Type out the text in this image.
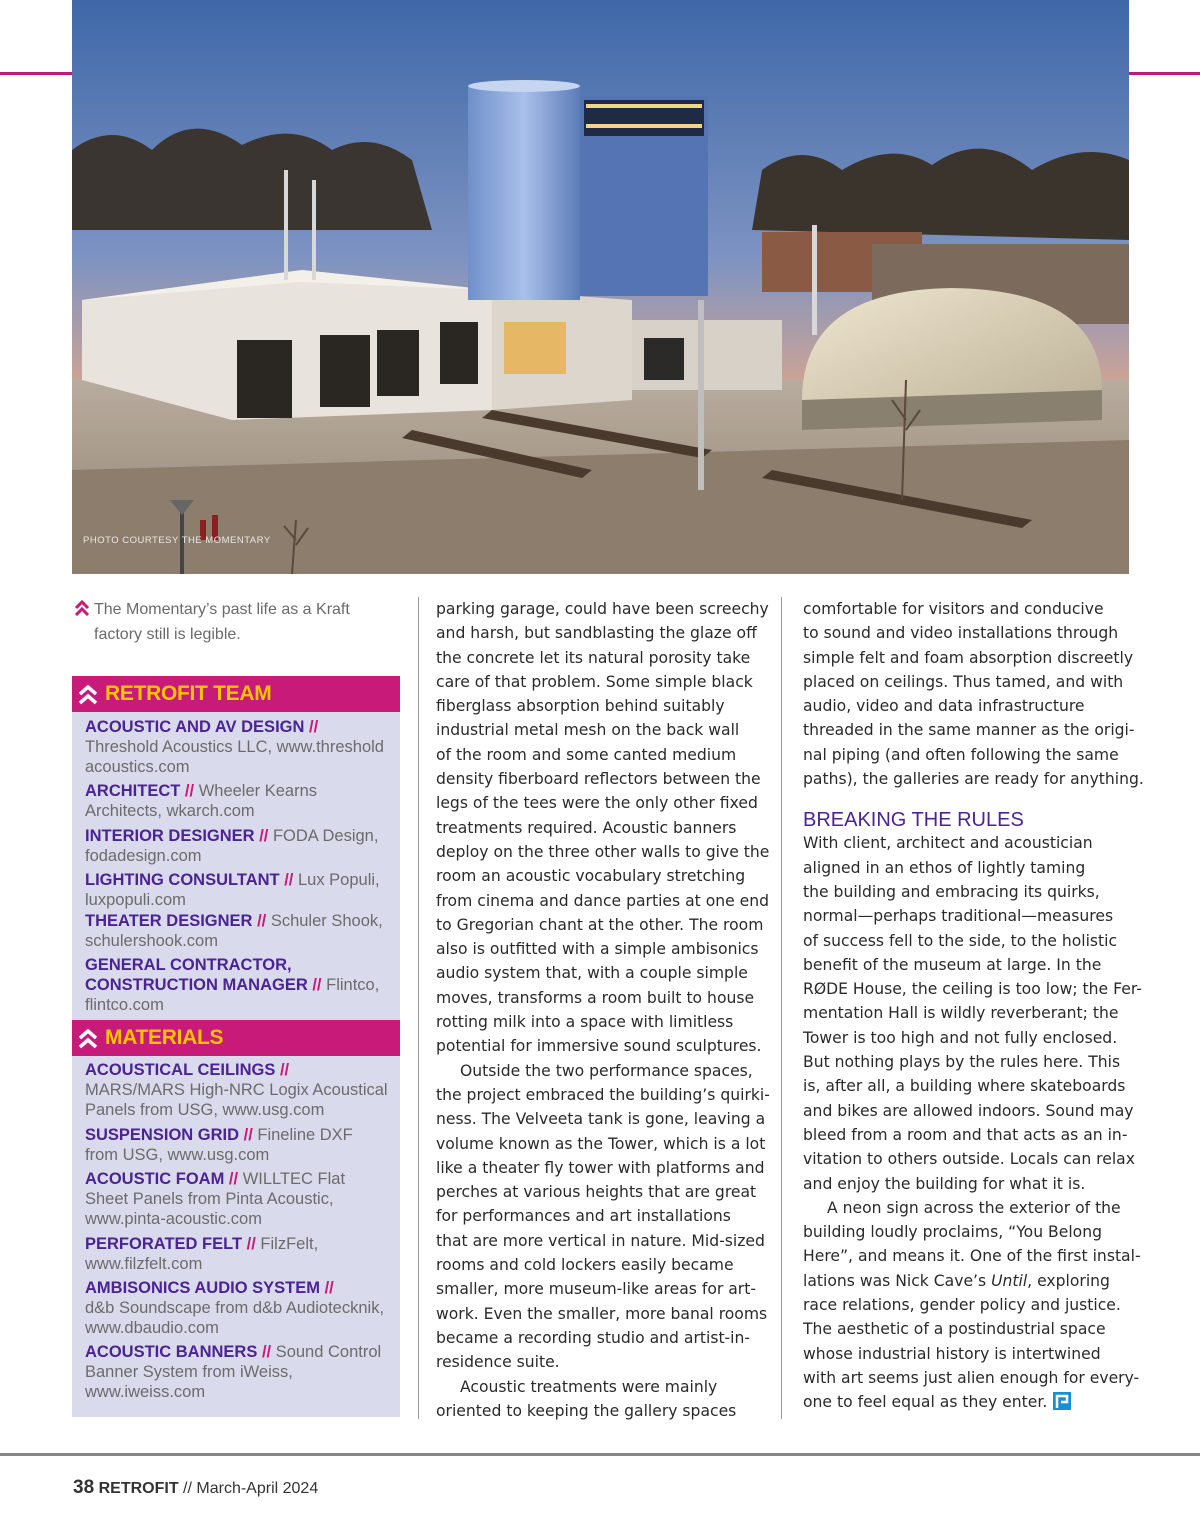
PHOTO COURTESY THE MOMENTARY
The Momentary’s past life as a Kraft factory still is legible.
RETROFIT TEAM
ACOUSTIC AND AV DESIGN //
Threshold Acoustics LLC, www.threshold acoustics.com
ARCHITECT // Wheeler Kearns Architects, wkarch.com
INTERIOR DESIGNER // FODA Design, fodadesign.com
LIGHTING CONSULTANT // Lux Populi, luxpopuli.com
THEATER DESIGNER // Schuler Shook, schulershook.com
GENERAL CONTRACTOR, CONSTRUCTION MANAGER // Flintco, flintco.com
MATERIALS
ACOUSTICAL CEILINGS //
MARS/MARS High-NRC Logix Acoustical Panels from USG, www.usg.com
SUSPENSION GRID // Fineline DXF from USG, www.usg.com
ACOUSTIC FOAM // WILLTEC Flat Sheet Panels from Pinta Acoustic, www.pinta-acoustic.com
PERFORATED FELT // FilzFelt, www.filzfelt.com
AMBISONICS AUDIO SYSTEM //
d&b Soundscape from d&b Audiotecknik, www.dbaudio.com
ACOUSTIC BANNERS // Sound Control Banner System from iWeiss, www.iweiss.com

parking garage, could have been screechy
and harsh, but sandblasting the glaze off
the concrete let its natural porosity take
care of that problem. Some simple black
fiberglass absorption behind suitably
industrial metal mesh on the back wall
of the room and some canted medium
density fiberboard reflectors between the
legs of the tees were the only other fixed
treatments required. Acoustic banners
deploy on the three other walls to give the
room an acoustic vocabulary stretching
from cinema and dance parties at one end
to Gregorian chant at the other. The room
also is outfitted with a simple ambisonics
audio system that, with a couple simple
moves, transforms a room built to house
rotting milk into a space with limitless
potential for immersive sound sculptures.

Outside the two performance spaces,
the project embraced the building’s quirki-
ness. The Velveeta tank is gone, leaving a
volume known as the Tower, which is a lot
like a theater fly tower with platforms and
perches at various heights that are great
for performances and art installations
that are more vertical in nature. Mid-sized
rooms and cold lockers easily became
smaller, more museum-like areas for art-
work. Even the smaller, more banal rooms
became a recording studio and artist-in-
residence suite.

Acoustic treatments were mainly
oriented to keeping the gallery spaces

comfortable for visitors and conducive
to sound and video installations through
simple felt and foam absorption discreetly
placed on ceilings. Thus tamed, and with
audio, video and data infrastructure
threaded in the same manner as the origi-
nal piping (and often following the same
paths), the galleries are ready for anything.

BREAKING THE RULES

With client, architect and acoustician
aligned in an ethos of lightly taming
the building and embracing its quirks,
normal—perhaps traditional—measures
of success fell to the side, to the holistic
benefit of the museum at large. In the
RØDE House, the ceiling is too low; the Fer-
mentation Hall is wildly reverberant; the
Tower is too high and not fully enclosed.
But nothing plays by the rules here. This
is, after all, a building where skateboards
and bikes are allowed indoors. Sound may
bleed from a room and that acts as an in-
vitation to others outside. Locals can relax
and enjoy the building for what it is.

A neon sign across the exterior of the
building loudly proclaims, “You Belong
Here”, and means it. One of the first instal-
lations was Nick Cave’s Until, exploring
race relations, gender policy and justice.
The aesthetic of a postindustrial space
whose industrial history is intertwined
with art seems just alien enough for every-
one to feel equal as they enter.

38 RETROFIT // March-April 2024
